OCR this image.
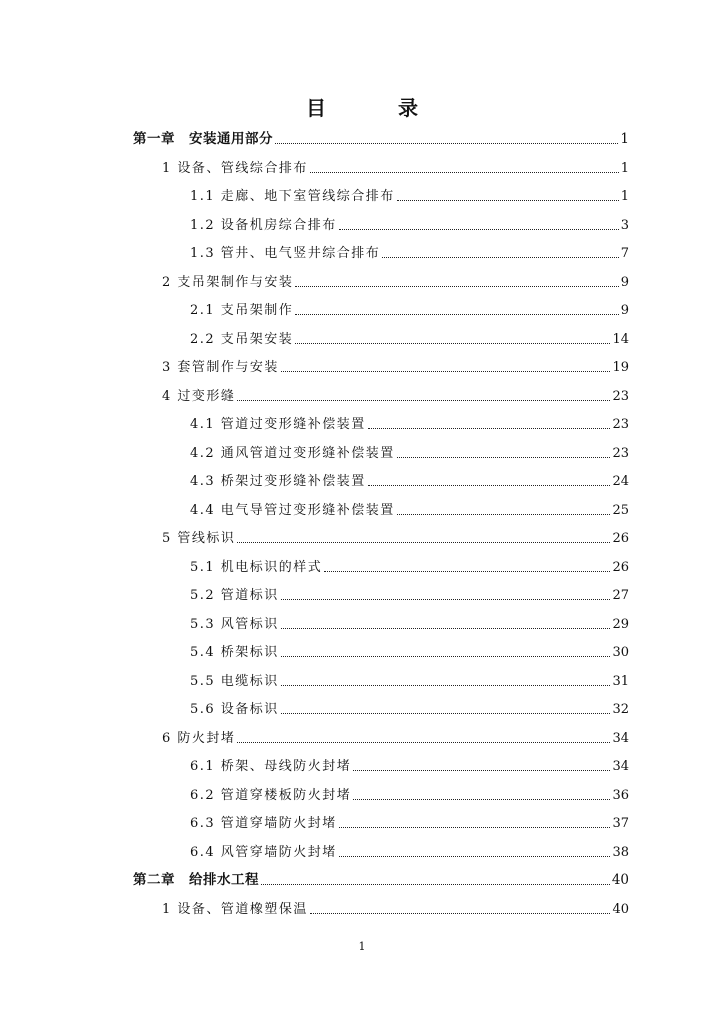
目　录
第一章　安装通用部分	1
1 设备、管线综合排布	1
1.1 走廊、地下室管线综合排布	1
1.2 设备机房综合排布	3
1.3 管井、电气竖井综合排布	7
2 支吊架制作与安装	9
2.1 支吊架制作	9
2.2 支吊架安装	14
3 套管制作与安装	19
4 过变形缝	23
4.1 管道过变形缝补偿装置	23
4.2 通风管道过变形缝补偿装置	23
4.3 桥架过变形缝补偿装置	24
4.4 电气导管过变形缝补偿装置	25
5 管线标识	26
5.1 机电标识的样式	26
5.2 管道标识	27
5.3 风管标识	29
5.4 桥架标识	30
5.5 电缆标识	31
5.6 设备标识	32
6 防火封堵	34
6.1 桥架、母线防火封堵	34
6.2 管道穿楼板防火封堵	36
6.3 管道穿墙防火封堵	37
6.4 风管穿墙防火封堵	38
第二章　给排水工程	40
1 设备、管道橡塑保温	40
1
